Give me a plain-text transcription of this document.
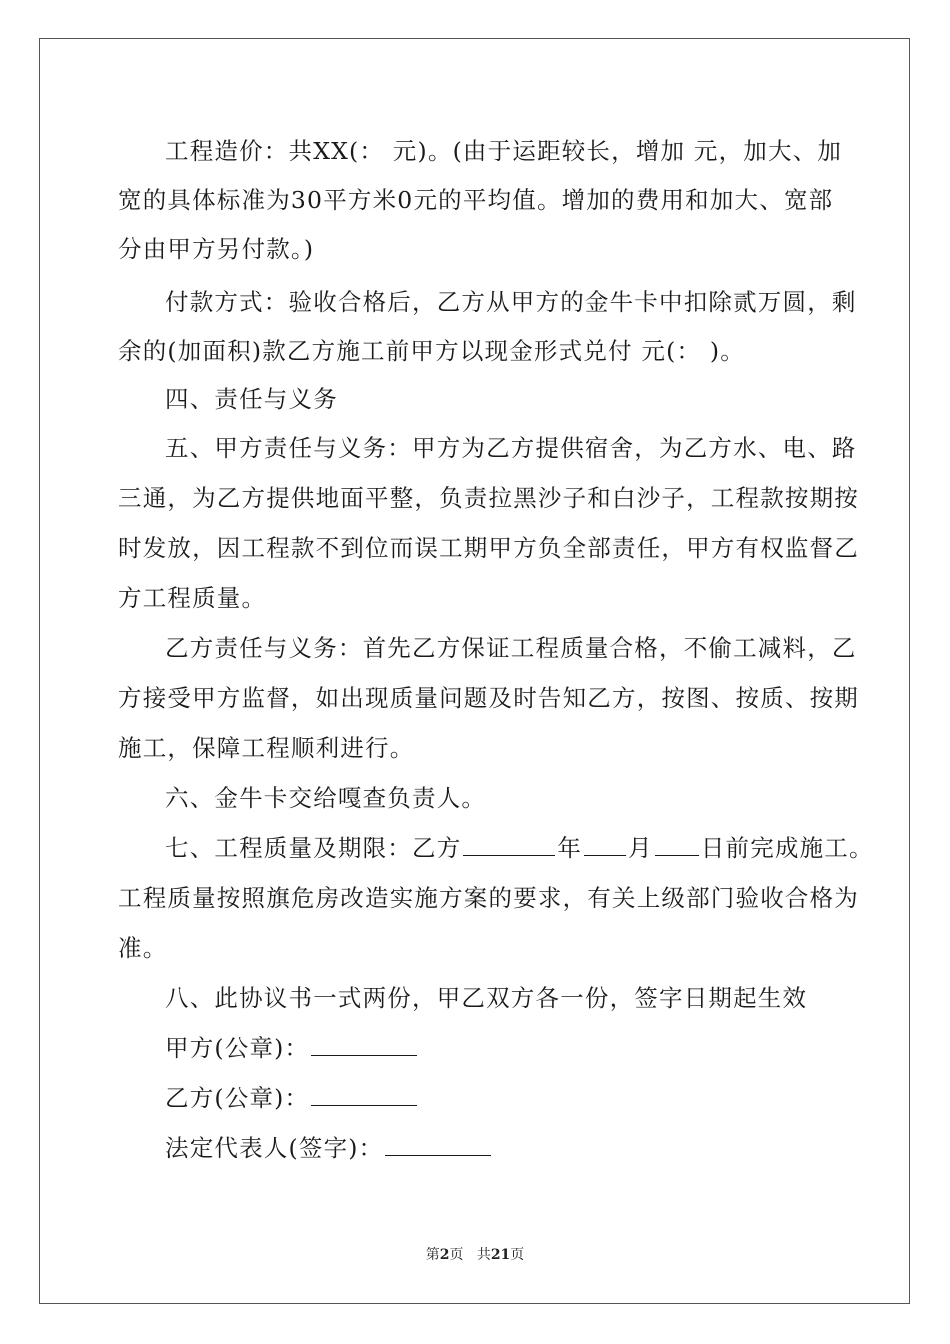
工程造价：共XX(： 元)。(由于运距较长，增加 元，加大、加
宽的具体标准为30平方米0元的平均值。增加的费用和加大、宽部
分由甲方另付款。)
付款方式：验收合格后，乙方从甲方的金牛卡中扣除贰万圆，剩
余的(加面积)款乙方施工前甲方以现金形式兑付 元(： )。
四、责任与义务
五、甲方责任与义务：甲方为乙方提供宿舍，为乙方水、电、路
三通，为乙方提供地面平整，负责拉黑沙子和白沙子，工程款按期按
时发放，因工程款不到位而误工期甲方负全部责任，甲方有权监督乙
方工程质量。
乙方责任与义务：首先乙方保证工程质量合格，不偷工减料，乙
方接受甲方监督，如出现质量问题及时告知乙方，按图、按质、按期
施工，保障工程顺利进行。
六、金牛卡交给嘎查负责人。
七、工程质量及期限：乙方	年 月 日前完成施工。
工程质量按照旗危房改造实施方案的要求，有关上级部门验收合格为
准。
八、此协议书一式两份，甲乙双方各一份，签字日期起生效
甲方(公章)：
乙方(公章)：
法定代表人(签字)：
第2页 共21页
